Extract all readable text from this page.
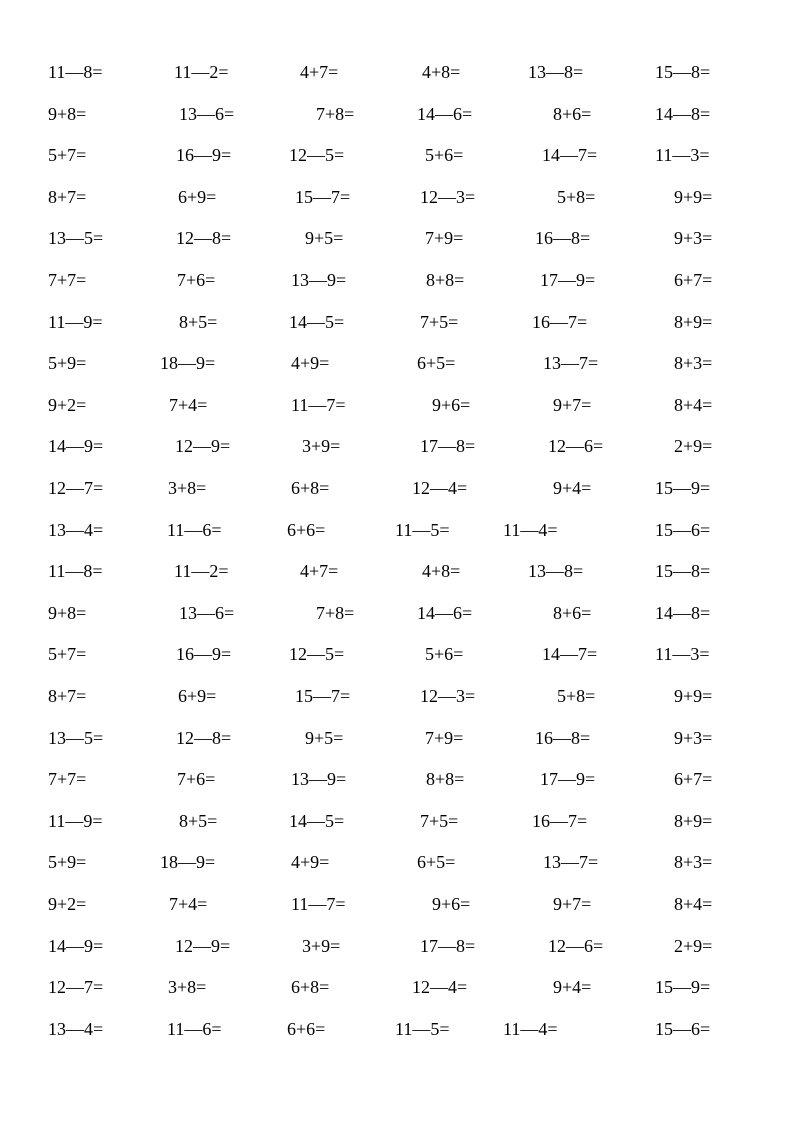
11—8=	11—2=	4+7=	4+8=	13—8=	15—8=
9+8=	13—6=	7+8=	14—6=	8+6=	14—8=
5+7=	16—9=	12—5=	5+6=	14—7=	11—3=
8+7=	6+9=	15—7=	12—3=	5+8=	9+9=
13—5=	12—8=	9+5=	7+9=	16—8=	9+3=
7+7=	7+6=	13—9=	8+8=	17—9=	6+7=
11—9=	8+5=	14—5=	7+5=	16—7=	8+9=
5+9=	18—9=	4+9=	6+5=	13—7=	8+3=
9+2=	7+4=	11—7=	9+6=	9+7=	8+4=
14—9=	12—9=	3+9=	17—8=	12—6=	2+9=
12—7=	3+8=	6+8=	12—4=	9+4=	15—9=
13—4=	11—6=	6+6=	11—5=	11—4=	15—6=
11—8=	11—2=	4+7=	4+8=	13—8=	15—8=
9+8=	13—6=	7+8=	14—6=	8+6=	14—8=
5+7=	16—9=	12—5=	5+6=	14—7=	11—3=
8+7=	6+9=	15—7=	12—3=	5+8=	9+9=
13—5=	12—8=	9+5=	7+9=	16—8=	9+3=
7+7=	7+6=	13—9=	8+8=	17—9=	6+7=
11—9=	8+5=	14—5=	7+5=	16—7=	8+9=
5+9=	18—9=	4+9=	6+5=	13—7=	8+3=
9+2=	7+4=	11—7=	9+6=	9+7=	8+4=
14—9=	12—9=	3+9=	17—8=	12—6=	2+9=
12—7=	3+8=	6+8=	12—4=	9+4=	15—9=
13—4=	11—6=	6+6=	11—5=	11—4=	15—6=
